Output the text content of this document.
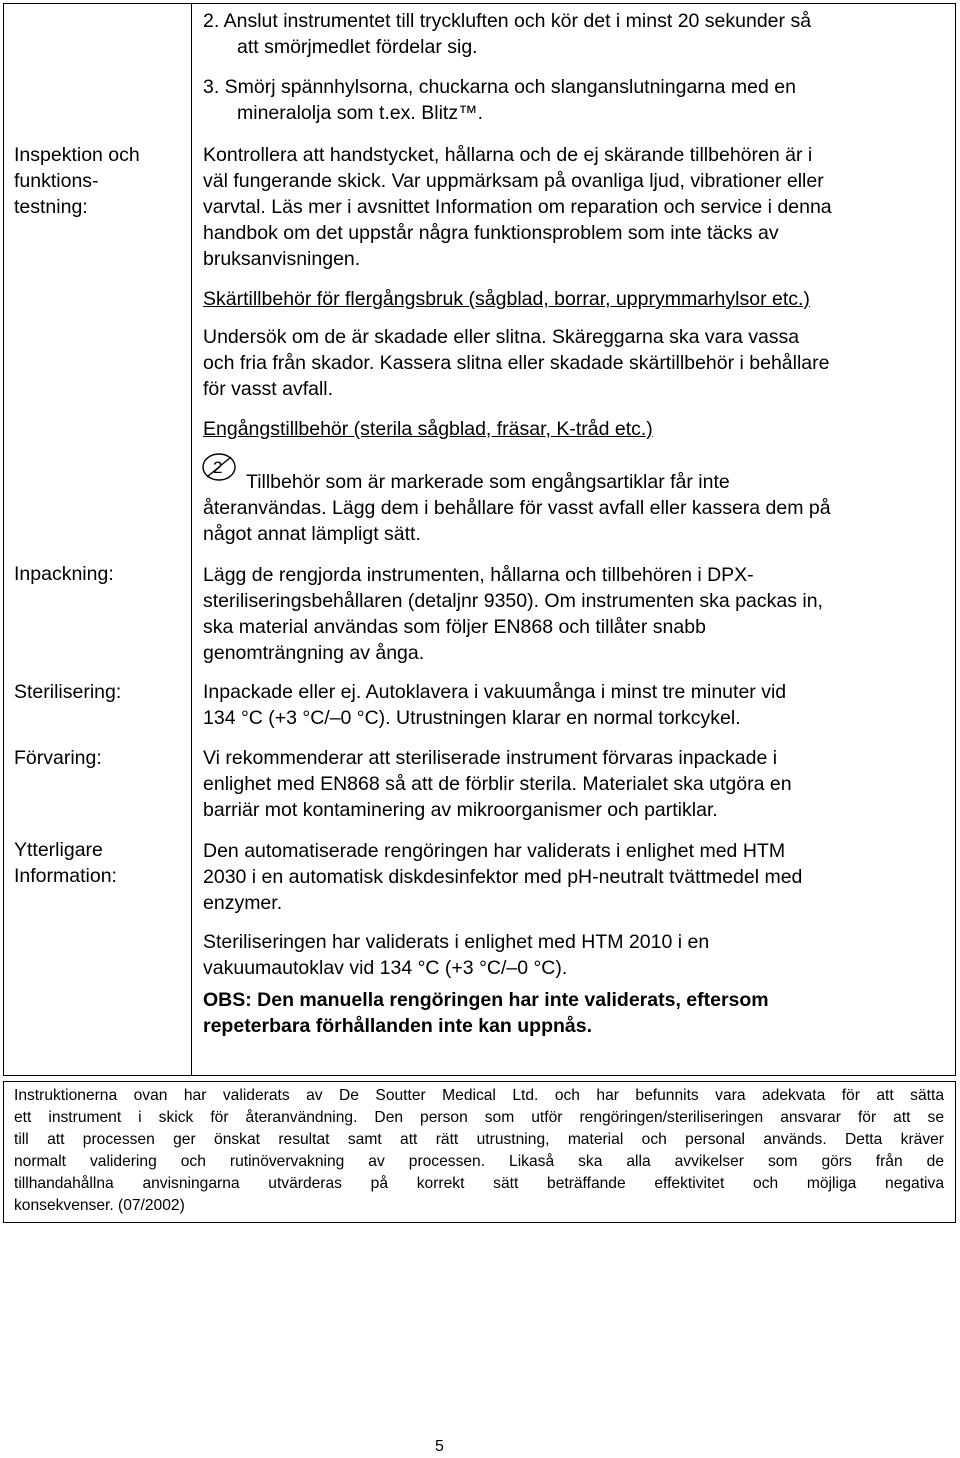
Inspektion och
funktions-
testning:
Inpackning:
Sterilisering:
Förvaring:
Ytterligare
Information:
2. Anslut instrumentet till tryckluften och kör det i minst 20 sekunder så
att smörjmedlet fördelar sig.
3. Smörj spännhylsorna, chuckarna och slanganslutningarna med en
mineralolja som t.ex. Blitz™.
Kontrollera att handstycket, hållarna och de ej skärande tillbehören är i
väl fungerande skick. Var uppmärksam på ovanliga ljud, vibrationer eller
varvtal. Läs mer i avsnittet Information om reparation och service i denna
handbok om det uppstår några funktionsproblem som inte täcks av
bruksanvisningen.
Skärtillbehör för flergångsbruk (sågblad, borrar, upprymmarhylsor etc.)
Undersök om de är skadade eller slitna. Skäreggarna ska vara vassa
och fria från skador. Kassera slitna eller skadade skärtillbehör i behållare
för vasst avfall.
Engångstillbehör (sterila sågblad, fräsar, K-tråd etc.)
2
Tillbehör som är markerade som engångsartiklar får inte
återanvändas. Lägg dem i behållare för vasst avfall eller kassera dem på
något annat lämpligt sätt.
Lägg de rengjorda instrumenten, hållarna och tillbehören i DPX-
steriliseringsbehållaren (detaljnr 9350). Om instrumenten ska packas in,
ska material användas som följer EN868 och tillåter snabb
genomträngning av ånga.
Inpackade eller ej. Autoklavera i vakuumånga i minst tre minuter vid
134 °C (+3 °C/–0 °C). Utrustningen klarar en normal torkcykel.
Vi rekommenderar att steriliserade instrument förvaras inpackade i
enlighet med EN868 så att de förblir sterila. Materialet ska utgöra en
barriär mot kontaminering av mikroorganismer och partiklar.
Den automatiserade rengöringen har validerats i enlighet med HTM
2030 i en automatisk diskdesinfektor med pH-neutralt tvättmedel med
enzymer.
Steriliseringen har validerats i enlighet med HTM 2010 i en
vakuumautoklav vid 134 °C (+3 °C/–0 °C).
OBS: Den manuella rengöringen har inte validerats, eftersom
repeterbara förhållanden inte kan uppnås.
Instruktionerna ovan har validerats av De Soutter Medical Ltd. och har befunnits vara adekvata för att sätta
ett instrument i skick för återanvändning. Den person som utför rengöringen/steriliseringen ansvarar för att se
till att processen ger önskat resultat samt att rätt utrustning, material och personal används. Detta kräver
normalt validering och rutinövervakning av processen. Likaså ska alla avvikelser som görs från de
tillhandahållna anvisningarna utvärderas på korrekt sätt beträffande effektivitet och möjliga negativa
konsekvenser. (07/2002)
5
